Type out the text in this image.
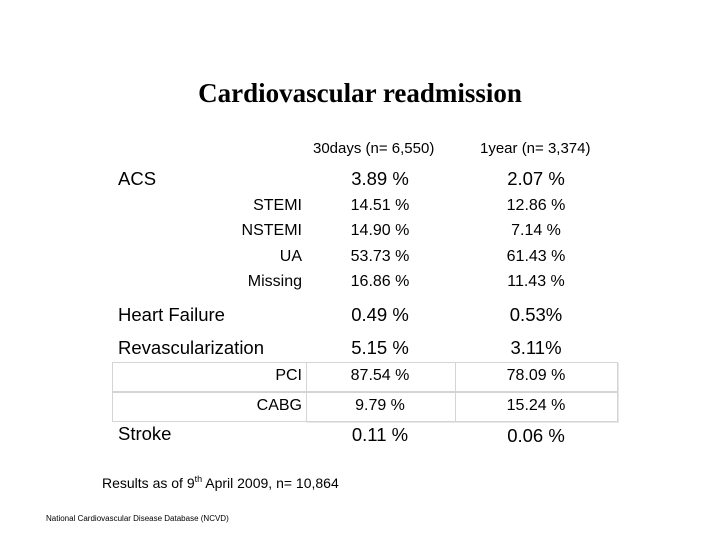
Cardiovascular readmission
30days (n= 6,550)	1year (n= 3,374)
ACS	3.89 %	2.07 %
STEMI	14.51 %	12.86 %
NSTEMI	14.90 %	7.14 %
UA	53.73 %	61.43 %
Missing	16.86 %	11.43 %
Heart Failure	0.49 %	0.53%
Revascularization	5.15 %	3.11%
PCI	87.54 %	78.09 %
CABG	9.79 %	15.24 %
Stroke	0.11 %	0.06 %
Results as of 9th April 2009, n= 10,864
National Cardiovascular Disease Database (NCVD)
